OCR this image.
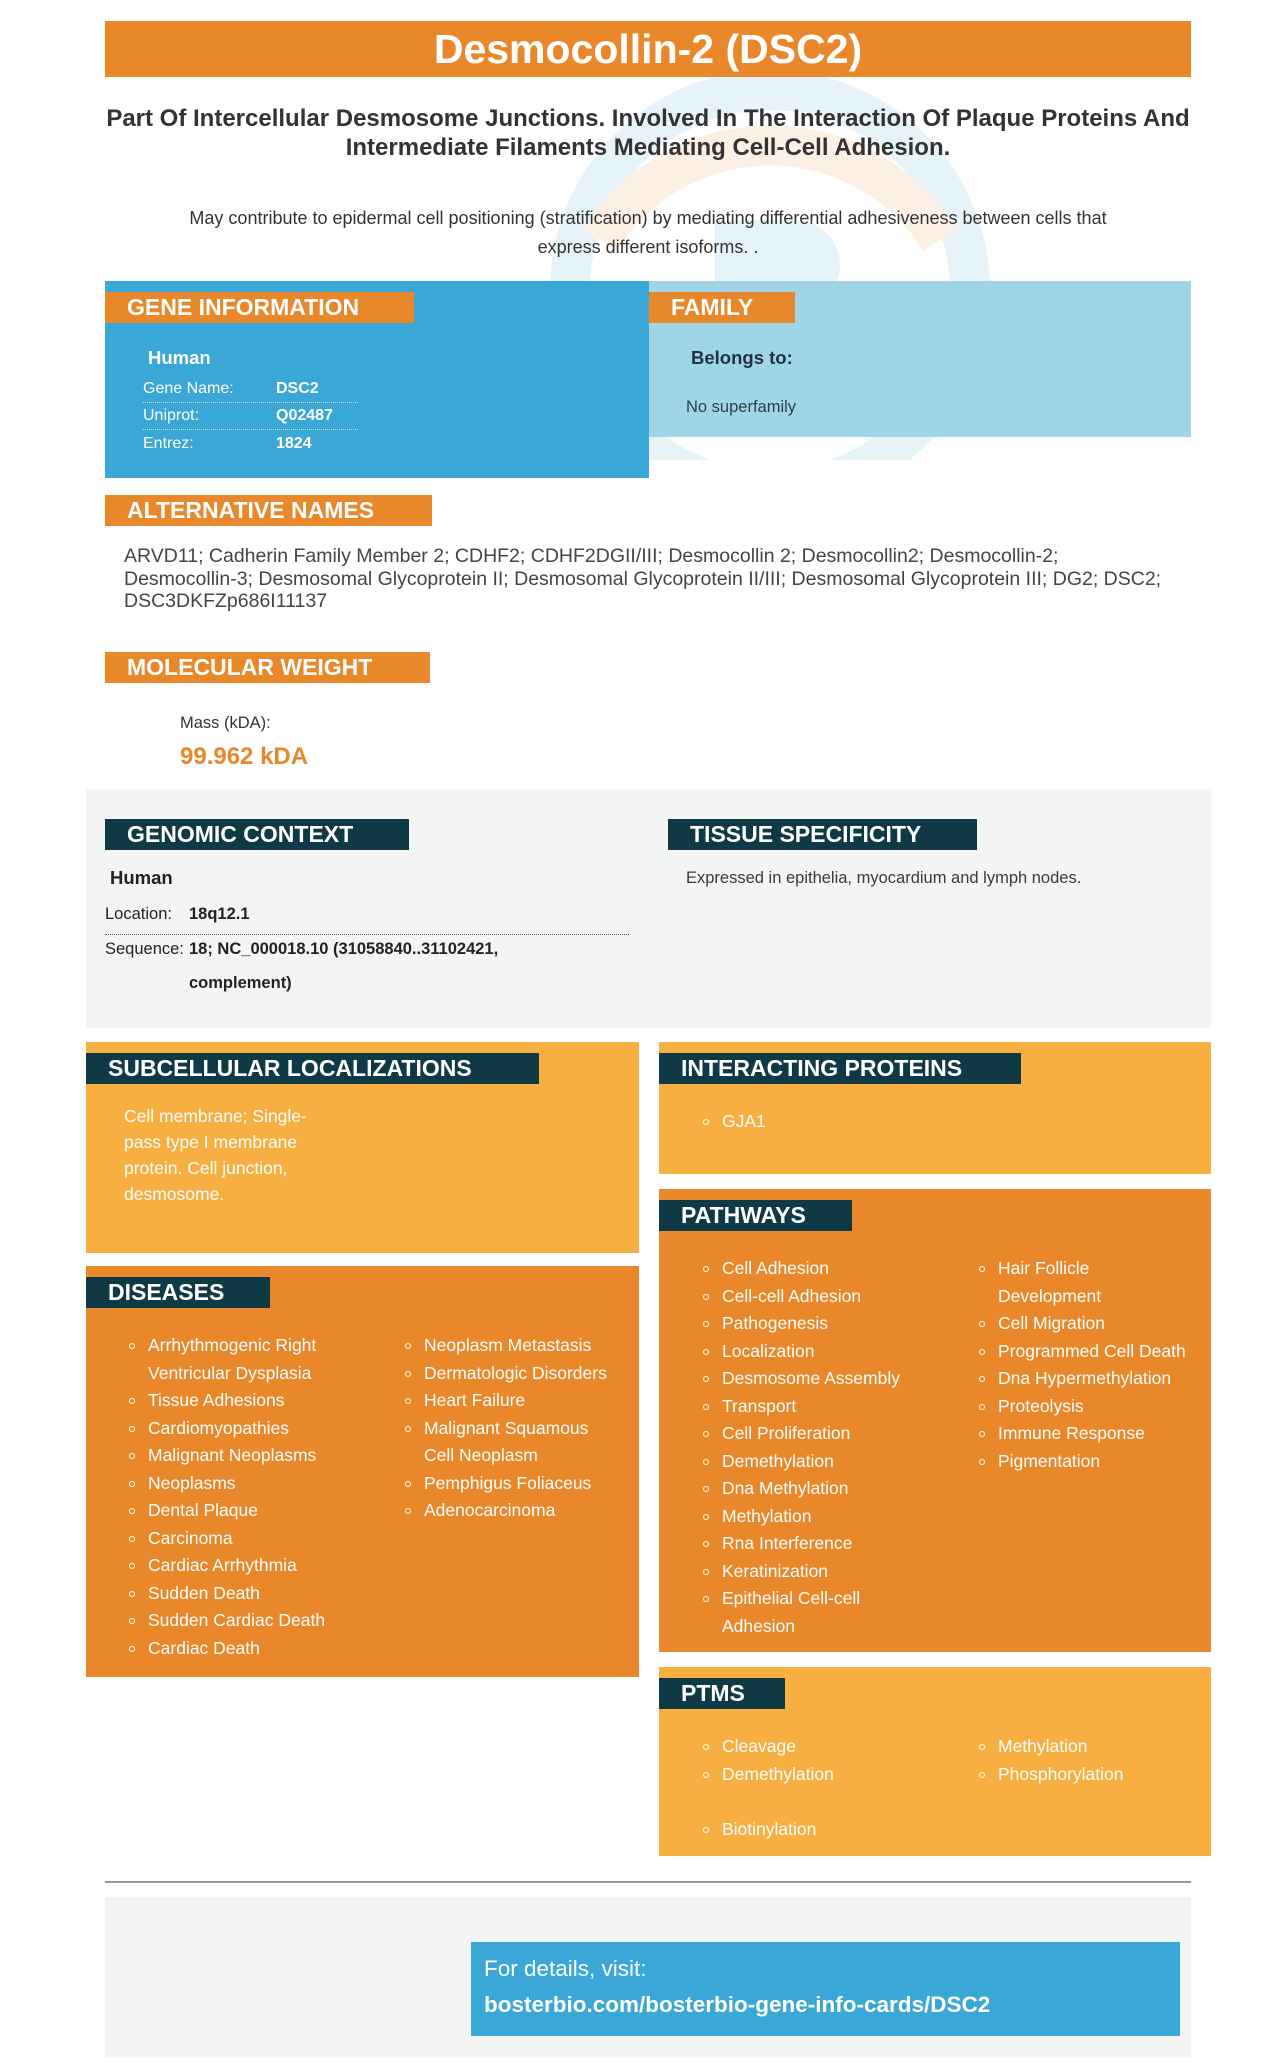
Desmocollin-2 (DSC2)
Part Of Intercellular Desmosome Junctions. Involved In The Interaction Of Plaque Proteins And Intermediate Filaments Mediating Cell-Cell Adhesion.
May contribute to epidermal cell positioning (stratification) by mediating differential adhesiveness between cells that express different isoforms. .
GENE INFORMATION
Human
Gene Name:	DSC2
Uniprot:	Q02487
Entrez:	1824
FAMILY
Belongs to:
No superfamily
ALTERNATIVE NAMES
ARVD11; Cadherin Family Member 2; CDHF2; CDHF2DGII/III; Desmocollin 2; Desmocollin2; Desmocollin-2; Desmocollin-3; Desmosomal Glycoprotein II; Desmosomal Glycoprotein II/III; Desmosomal Glycoprotein III; DG2; DSC2; DSC3DKFZp686I11137
MOLECULAR WEIGHT
Mass (kDA):
99.962 kDA
GENOMIC CONTEXT
Human
Location: 18q12.1
Sequence: 18; NC_000018.10 (31058840..31102421,
complement)
TISSUE SPECIFICITY
Expressed in epithelia, myocardium and lymph nodes.
SUBCELLULAR LOCALIZATIONS
Cell membrane; Single-
pass type I membrane
protein. Cell junction,
desmosome.
DISEASES
Arrhythmogenic Right
Ventricular Dysplasia
Tissue Adhesions
Cardiomyopathies
Malignant Neoplasms
Neoplasms
Dental Plaque
Carcinoma
Cardiac Arrhythmia
Sudden Death
Sudden Cardiac Death
Cardiac Death
Neoplasm Metastasis
Dermatologic Disorders
Heart Failure
Malignant Squamous
Cell Neoplasm
Pemphigus Foliaceus
Adenocarcinoma
INTERACTING PROTEINS
GJA1
PATHWAYS
Cell Adhesion
Cell-cell Adhesion
Pathogenesis
Localization
Desmosome Assembly
Transport
Cell Proliferation
Demethylation
Dna Methylation
Methylation
Rna Interference
Keratinization
Epithelial Cell-cell
Adhesion
Hair Follicle
Development
Cell Migration
Programmed Cell Death
Dna Hypermethylation
Proteolysis
Immune Response
Pigmentation
PTMS
Cleavage
Demethylation
Methylation
Phosphorylation
Biotinylation
For details, visit:
bosterbio.com/bosterbio-gene-info-cards/DSC2
